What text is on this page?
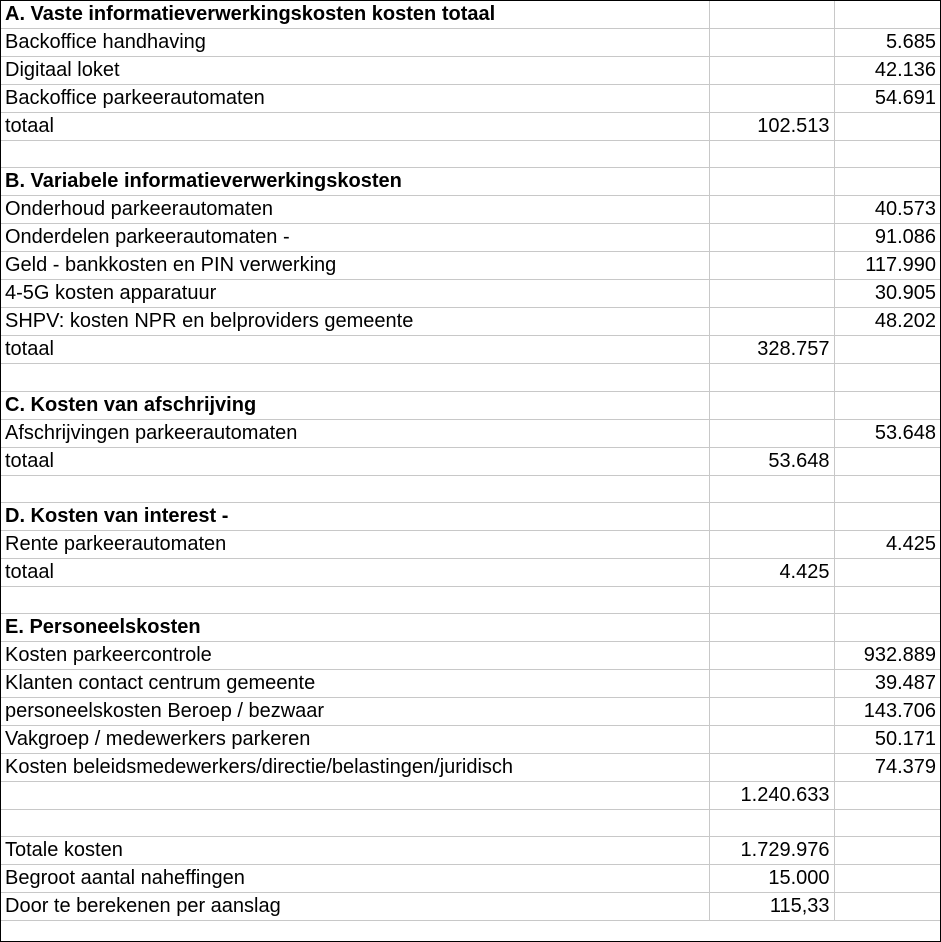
A. Vaste informatieverwerkingskosten kosten totaal		
Backoffice handhaving		5.685
Digitaal loket		42.136
Backoffice parkeerautomaten		54.691
totaal	102.513	

B. Variabele informatieverwerkingskosten		
Onderhoud parkeerautomaten		40.573
Onderdelen parkeerautomaten -		91.086
Geld - bankkosten en PIN verwerking		117.990
4-5G kosten apparatuur		30.905
SHPV: kosten NPR en belproviders gemeente		48.202
totaal	328.757	

C. Kosten van afschrijving		
Afschrijvingen parkeerautomaten		53.648
totaal	53.648	

D. Kosten van interest -		
Rente parkeerautomaten		4.425
totaal	4.425	

E. Personeelskosten		
Kosten parkeercontrole		932.889
Klanten contact centrum gemeente		39.487
personeelskosten Beroep / bezwaar		143.706
Vakgroep / medewerkers parkeren		50.171
Kosten beleidsmedewerkers/directie/belastingen/juridisch		74.379
	1.240.633	

Totale kosten	1.729.976	
Begroot aantal naheffingen	15.000	
Door te berekenen per aanslag	115,33	
